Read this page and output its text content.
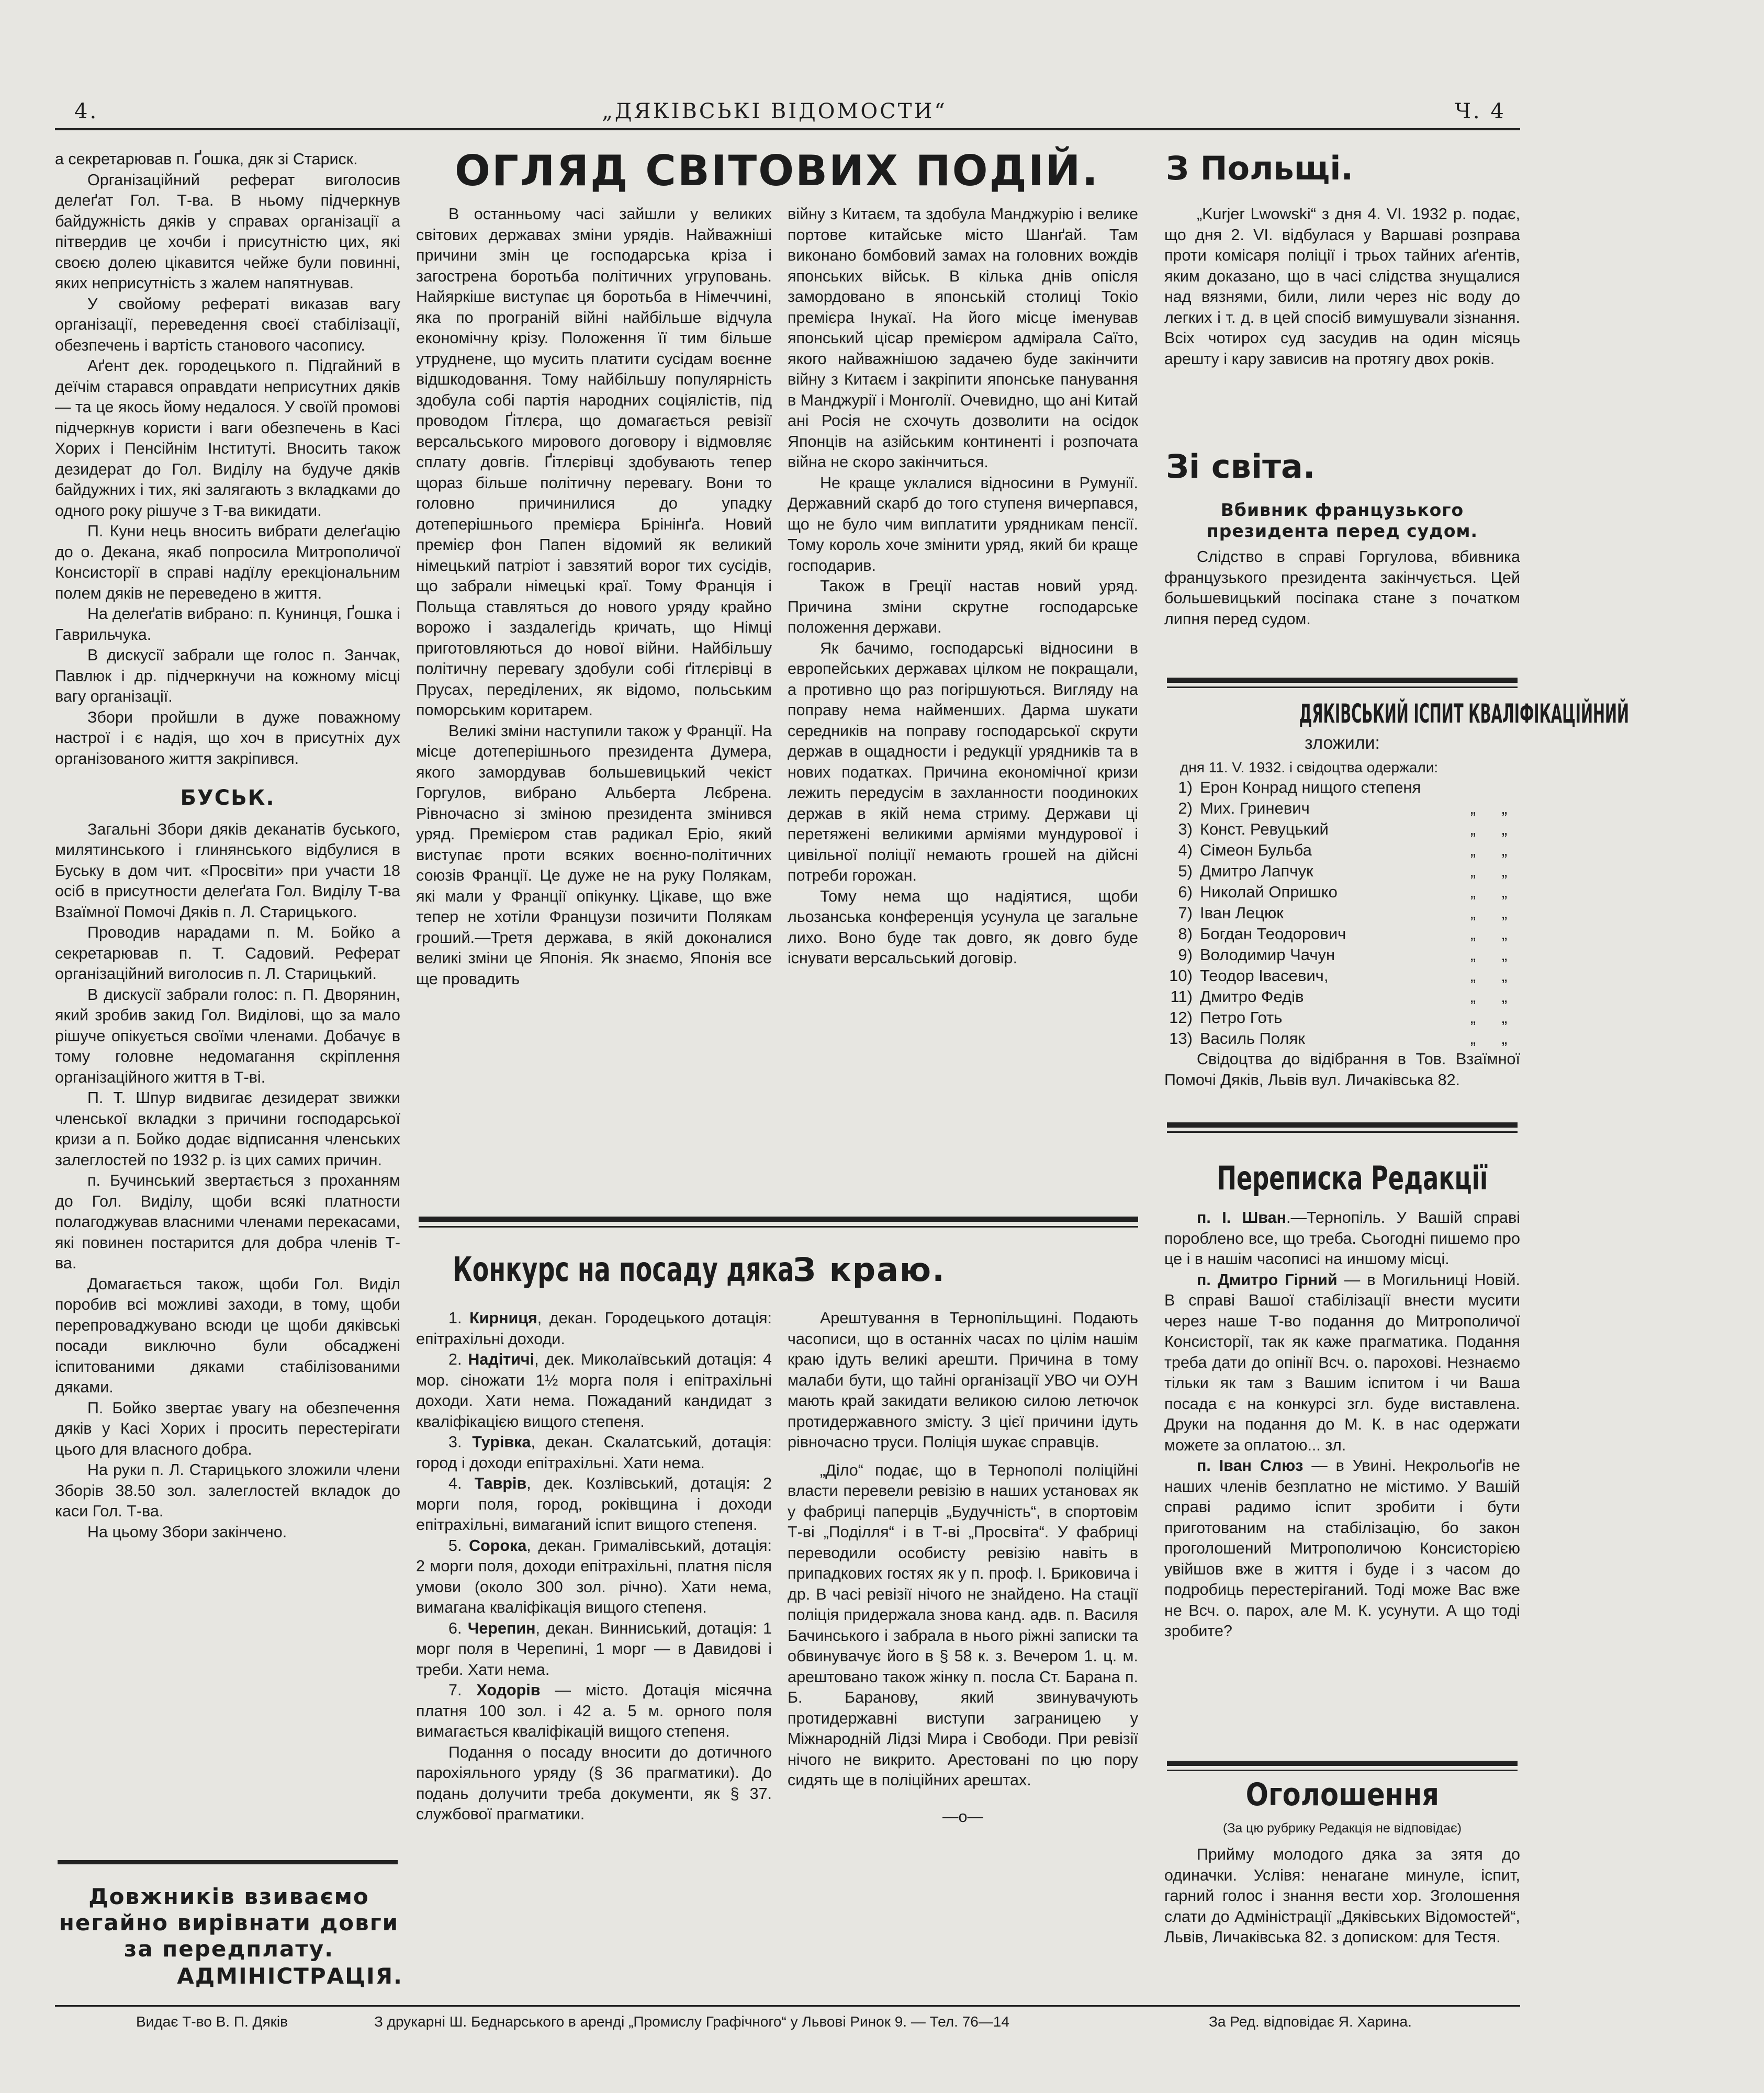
4.	„ДЯКІВСЬКІ ВІДОМОСТИ“	Ч. 4

а секретарював п. Ґошка, дяк зі Стариск.

Організаційний реферат виголосив делеґат Гол. Т-ва. В ньому підчеркнув байдужність дяків у справах організації а пітвердив це хочби і присутністю цих, які своєю долею цікавится чейже були повинні, яких неприсутність з жалем напятнував.

У свойому рефераті виказав вагу організації, переведення своєї стабілізації, обезпечень і вартість станового часопису.

Аґент дек. городецького п. Підгайний в деїчім старався оправдати неприсутних дяків — та це якось йому недалося. У своїй промові підчеркнув користи і ваги обезпечень в Касі Хорих і Пенсійнім Інституті. Вносить також дезидерат до Гол. Виділу на будуче дяків байдужних і тих, які залягають з вкладками до одного року рішуче з Т-ва викидати.

П. Куни нець вносить вибрати делеґацію до о. Декана, якаб попросила Митрополичої Консисторії в справі надїлу ерекціональним полем дяків не переведено в життя.

На делеґатів вибрано: п. Кунинця, Ґошка і Гаврильчука.

В дискусії забрали ще голос п. Занчак, Павлюк і др. підчеркнучи на кожному місці вагу організації.

Збори пройшли в дуже поважному настрої і є надія, що хоч в присутніх дух організованого життя закріпився.

БУСЬК.

Загальні Збори дяків деканатів буського, милятинського і глинянського відбулися в Буську в дом чит. «Просвіти» при участи 18 осіб в присутности делеґата Гол. Виділу Т-ва Взаїмної Помочі Дяків п. Л. Старицького.

Проводив нарадами п. М. Бойко а секретарював п. Т. Садовий. Реферат організаційний виголосив п. Л. Старицький.

В дискусії забрали голос: п. П. Дворянин, який зробив закид Гол. Виділові, що за мало рішуче опікується своїми членами. Добачує в тому головне недомагання скріплення організаційного життя в Т-ві.

П. Т. Шпур видвигає дезидерат звижки членської вкладки з причини господарської кризи а п. Бойко додає відписання членських залеглостей по 1932 р. із цих самих причин.

п. Бучинський звертається з проханням до Гол. Виділу, щоби всякі платности полагоджував власними членами перекасами, які повинен постарится для добра членів Т-ва.

Домагається також, щоби Гол. Виділ поробив всі можливі заходи, в тому, щоби перепроваджувано всюди це щоби дяківські посади виключно були обсаджені іспитованими дяками стабілізованими дяками.

П. Бойко звертає увагу на обезпечення дяків у Касі Хорих і просить перестерігати цього для власного добра.

На руки п. Л. Старицького зложили члени Зборів 38.50 зол. залеглостей вкладок до каси Гол. Т-ва.

На цьому Збори закінчено.

Довжників взиваємо негайно вирівнати довги за передплату.
АДМІНІСТРАЦІЯ.
ОГЛЯД СВІТОВИХ ПОДІЙ.

В останньому часі зайшли у великих світових державах зміни урядів. Найважніші причини змін це господарська кріза і загострена боротьба політичних угруповань. Найяркіше виступає ця боротьба в Німеччині, яка по програній війні найбільше відчула економічну крізу. Положення її тим більше утруднене, що мусить платити сусідам воєнне відшкодовання. Тому найбільшу популярність здобула собі партія народних соціялістів, під проводом Ґітлєра, що домагається ревізії версальського мирового договору і відмовляє сплату довгів. Ґітлєрівці здобувають тепер щораз більше політичну перевагу. Вони то головно причинилися до упадку дотеперішнього премієра Брінінґа. Новий премієр фон Папен відомий як великий німецький патріот і завзятий ворог тих сусідів, що забрали німецькі краї. Тому Франція і Польща ставляться до нового уряду крайно ворожо і заздалегідь кричать, що Німці приготовляються до нової війни. Найбільшу політичну перевагу здобули собі ґітлєрівці в Прусах, переділених, як відомо, польським поморським коритарем.

Великі зміни наступили також у Франції. На місце дотеперішнього президента Думера, якого замордував большевицький чекіст Горгулов, вибрано Альберта Лєбрена. Рівночасно зі зміною президента змінився уряд. Премієром став радикал Еріо, який виступає проти всяких воєнно-політичних союзів Франції. Це дуже не на руку Полякам, які мали у Франції опікунку. Цікаве, що вже тепер не хотіли Французи позичити Полякам гроший.—Третя держава, в якій доконалися великі зміни це Японія. Як знаємо, Японія все ще провадить

війну з Китаєм, та здобула Манджурію і велике портове китайське місто Шанґай. Там виконано бомбовий замах на головних вождів японських військ. В кілька днів опісля замордовано в японській столиці Токіо премієра Інукаї. На його місце іменував японський цісар премієром адмірала Саїто, якого найважнішою задачею буде закінчити війну з Китаєм і закріпити японське панування в Манджурії і Монголії. Очевидно, що ані Китай ані Росія не схочуть дозволити на осідок Японців на азійським континенті і розпочата війна не скоро закінчиться.

Не краще уклалися відносини в Румунії. Державний скарб до того ступеня вичерпався, що не було чим виплатити урядникам пенсії. Тому король хоче змінити уряд, який би краще господарив.

Також в Греції настав новий уряд. Причина зміни скрутне господарське положення держави.

Як бачимо, господарські відносини в европейських державах цілком не покращали, а противно що раз погіршуються. Вигляду на поправу нема найменших. Дарма шукати середників на поправу господарської скрути держав в ощадности і редукції урядників та в нових податках. Причина економічної кризи лежить передусім в захланности поодиноких держав в якій нема стриму. Держави ці перетяжені великими арміями мундурової і цивільної поліції немають грошей на дійсні потреби горожан.

Тому нема що надіятися, щоби льозанська конференція усунула це загальне лихо. Воно буде так довго, як довго буде існувати версальський договір.

Конкурс на посаду дяка

1. Кирниця, декан. Городецького дотація: епітрахільні доходи.

2. Надітичі, дек. Миколаївський дотація: 4 мор. сіножати 1½ морга поля і епітрахільні доходи. Хати нема. Пожаданий кандидат з кваліфікацією вищого степеня.

3. Турівка, декан. Скалатський, дотація: город і доходи епітрахільні. Хати нема.

4. Таврів, дек. Козлівський, дотація: 2 морги поля, город, роківщина і доходи епітрахільні, вимаганий іспит вищого степеня.

5. Сорока, декан. Грималівський, дотація: 2 морги поля, доходи епітрахільні, платня після умови (около 300 зол. річно). Хати нема, вимагана кваліфікація вищого степеня.

6. Черепин, декан. Винниський, дотація: 1 морг поля в Черепині, 1 морг — в Давидові і треби. Хати нема.

7. Ходорів — місто. Дотація місячна платня 100 зол. і 42 а. 5 м. орного поля вимагається кваліфікацій вищого степеня.

Подання о посаду вносити до дотичного парохіяльного уряду (§ 36 прагматики). До подань долучити треба документи, як § 37. службової прагматики.

З краю.

Арештування в Тернопільщині. Подають часописи, що в останніх часах по цілім нашім краю ідуть великі арешти. Причина в тому малаби бути, що тайні організації УВО чи ОУН мають край закидати великою силою летючок протидержавного змісту. З цієї причини ідуть рівночасно труси. Поліція шукає справців.

„Діло“ подає, що в Тернополі поліційні власти перевели ревізію в наших установах як у фабриці паперців „Будучність“, в спортовім Т-ві „Поділля“ і в Т-ві „Просвіта“. У фабриці переводили особисту ревізію навіть в припадкових гостях як у п. проф. І. Бриковича і др. В часі ревізії нічого не знайдено. На стації поліція придержала знова канд. адв. п. Василя Бачинського і забрала в нього ріжні записки та обвинувачує його в § 58 к. з. Вечером 1. ц. м. арештовано також жінку п. посла Ст. Барана п. Б. Баранову, який звинувачують протидержавні виступи заграницею у Міжнародній Лідзі Мира і Свободи. При ревізії нічого не викрито. Арестовані по цю пору сидять ще в поліційних арештах.

—о—
З Польщі.

„Kurjer Lwowski“ з дня 4. VI. 1932 р. подає, що дня 2. VI. відбулася у Варшаві розправа проти комісаря поліції і трьох тайних аґентів, яким доказано, що в часі слідства знущалися над вязнями, били, лили через ніс воду до легких і т. д. в цей спосіб вимушували зізнання. Всіх чотирох суд засудив на один місяць арешту і кару зависив на протягу двох років.

Зі світа.
Вбивник французького президента перед судом.

Слідство в справі Горгулова, вбивника французького президента закінчується. Цей большевицький посіпака стане з початком липня перед судом.

ДЯКІВСЬКИЙ ІСПИТ КВАЛІФІКАЦІЙНИЙ
зложили:
дня 11. V. 1932. і свідоцтва одержали:
1) Ерон Конрад нищого степеня
2) Мих. Гриневич	„	„
3) Конст. Ревуцький	„	„
4) Сімеон Бульба	„	„
5) Дмитро Лапчук	„	„
6) Николай Опришко	„	„
7) Іван Лецюк	„	„
8) Богдан Теодорович	„	„
9) Володимир Чачун	„	„
10) Теодор Івасевич,	„	„
11) Дмитро Федів	„	„
12) Петро Готь	„	„
13) Василь Поляк	„	„

Свідоцтва до відібрання в Тов. Взаїмної Помочі Дяків, Львів вул. Личаківська 82.

Переписка Редакції

п. І. Шван.—Тернопіль. У Вашій справі пороблено все, що треба. Сьогодні пишемо про це і в нашім часописі на иншому місці.

п. Дмитро Гірний — в Могильниці Новій. В справі Вашої стабілізації внести мусити через наше Т-во подання до Митрополичої Консисторії, так як каже прагматика. Подання треба дати до опінії Всч. о. парохові. Незнаємо тільки як там з Вашим іспитом і чи Ваша посада є на конкурсі згл. буде виставлена. Друки на подання до М. К. в нас одержати можете за оплатою... зл.

п. Іван Слюз — в Увині. Некрольоґів не наших членів безплатно не містимо. У Вашій справі радимо іспит зробити і бути приготованим на стабілізацію, бо закон проголошений Митрополичою Консисторією увійшов вже в життя і буде і з часом до подробиць перестеріганий. Тоді може Вас вже не Всч. о. парох, але М. К. усунути. А що тоді зробите?

Оголошення
(За цю рубрику Редакція не відповідає)

Прийму молодого дяка за зятя до одиначки. Услівя: ненагане минуле, іспит, гарний голос і знання вести хор. Зголошення слати до Адміністрації „Дяківських Відомостей“, Львів, Личаківська 82. з дописком: для Тестя.

Видає Т-во В. П. Дяків	З друкарні Ш. Беднарського в аренді „Промислу Графічного“ у Львові Ринок 9. — Тел. 76—14	За Ред. відповідає Я. Харина.
